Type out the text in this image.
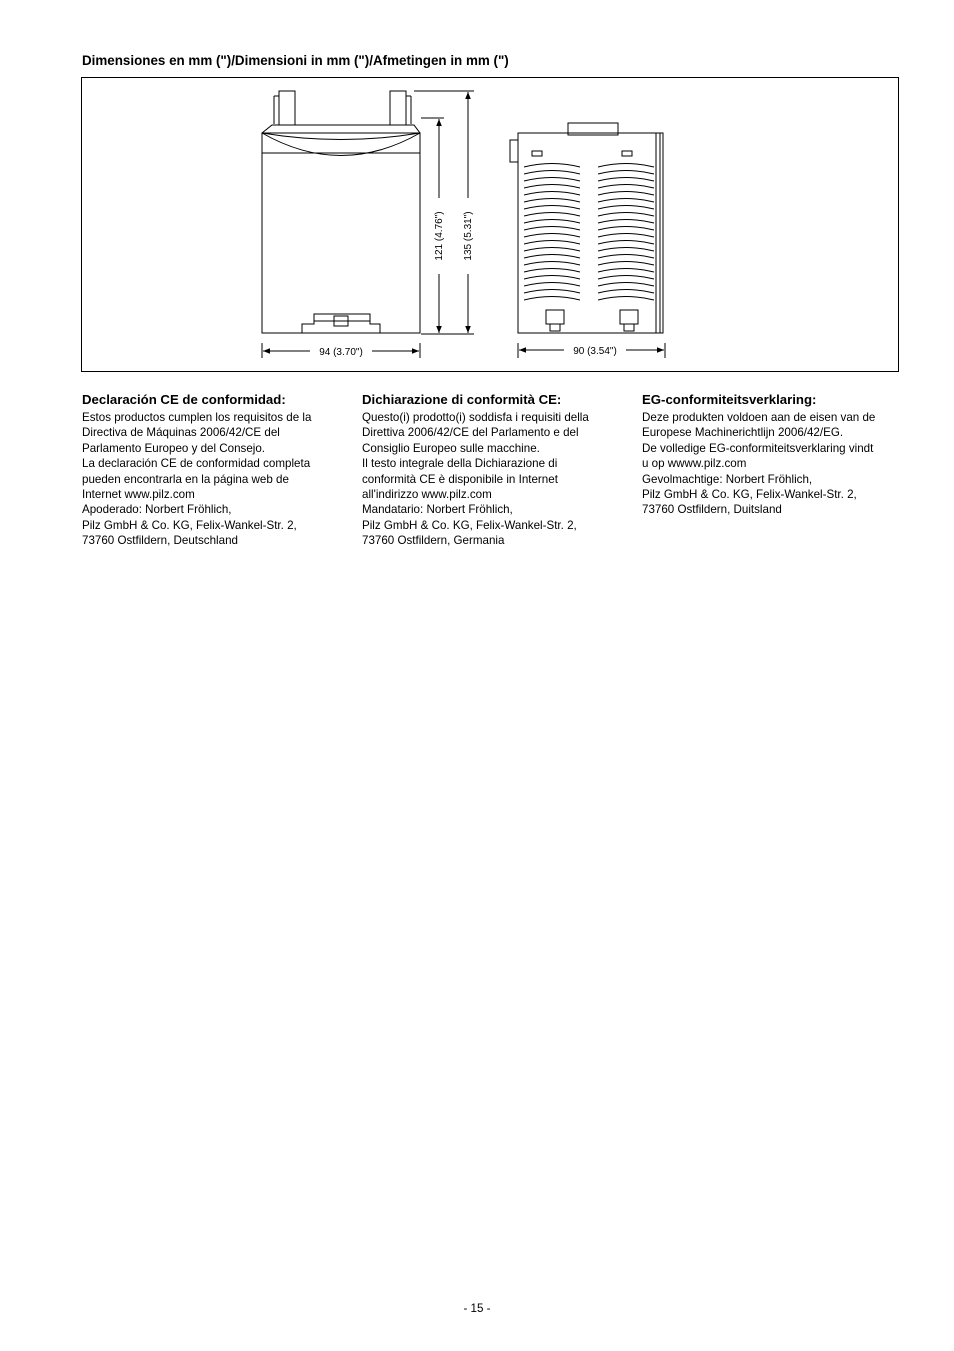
Dimensiones en mm (")/Dimensioni in mm (")/Afmetingen in mm (")
121 (4.76") 135 (5.31")
94 (3.70")	90 (3.54")
Declaración CE de conformidad:

Estos productos cumplen los requisitos de la

Directiva de Máquinas 2006/42/CE del

Parlamento Europeo y del Consejo.

La declaración CE de conformidad completa

pueden encontrarla en la página web de

Internet www.pilz.com

Apoderado: Norbert Fröhlich,

Pilz GmbH & Co. KG, Felix-Wankel-Str. 2,

73760 Ostfildern, Deutschland

Dichiarazione di conformità CE:

Questo(i) prodotto(i) soddisfa i requisiti della

Direttiva 2006/42/CE del Parlamento e del

Consiglio Europeo sulle macchine.

Il testo integrale della Dichiarazione di

conformità CE è disponibile in Internet

all'indirizzo www.pilz.com

Mandatario: Norbert Fröhlich,

Pilz GmbH & Co. KG, Felix-Wankel-Str. 2,

73760 Ostfildern, Germania

EG-conformiteitsverklaring:

Deze produkten voldoen aan de eisen van de

Europese Machinerichtlijn 2006/42/EG.

De volledige EG-conformiteitsverklaring vindt

u op wwww.pilz.com

Gevolmachtige: Norbert Fröhlich,

Pilz GmbH & Co. KG, Felix-Wankel-Str. 2,

73760 Ostfildern, Duitsland

- 15 -
